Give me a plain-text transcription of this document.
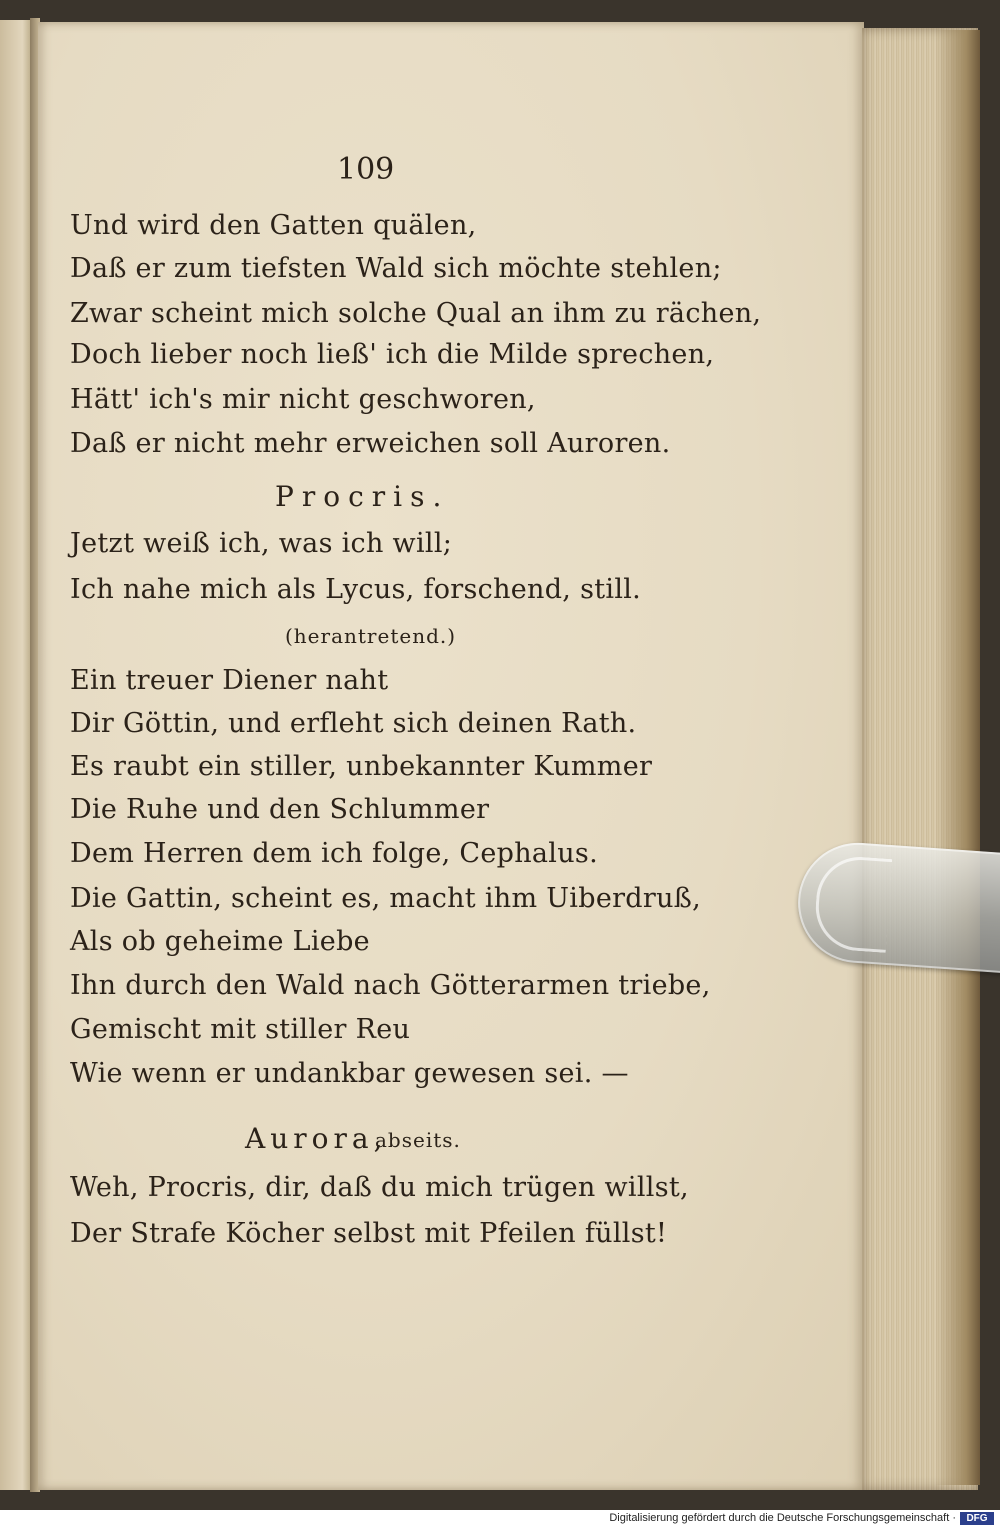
109
Und wird den Gatten quälen,
Daß er zum tiefsten Wald sich möchte stehlen;
Zwar scheint mich solche Qual an ihm zu rächen,
Doch lieber noch ließ' ich die Milde sprechen,
Hätt' ich's mir nicht geschworen,
Daß er nicht mehr erweichen soll Auroren.
Procris.
Jetzt weiß ich, was ich will;
Ich nahe mich als Lycus, forschend, still.
(herantretend.)
Ein treuer Diener naht
Dir Göttin, und erfleht sich deinen Rath.
Es raubt ein stiller, unbekannter Kummer
Die Ruhe und den Schlummer
Dem Herren dem ich folge, Cephalus.
Die Gattin, scheint es, macht ihm Uiberdruß,
Als ob geheime Liebe
Ihn durch den Wald nach Götterarmen triebe,
Gemischt mit stiller Reu
Wie wenn er undankbar gewesen sei. —
Aurora,
abseits.
Weh, Procris, dir, daß du mich trügen willst,
Der Strafe Köcher selbst mit Pfeilen füllst!
Digitalisierung gefördert durch die Deutsche Forschungsgemeinschaft ·	DFG
